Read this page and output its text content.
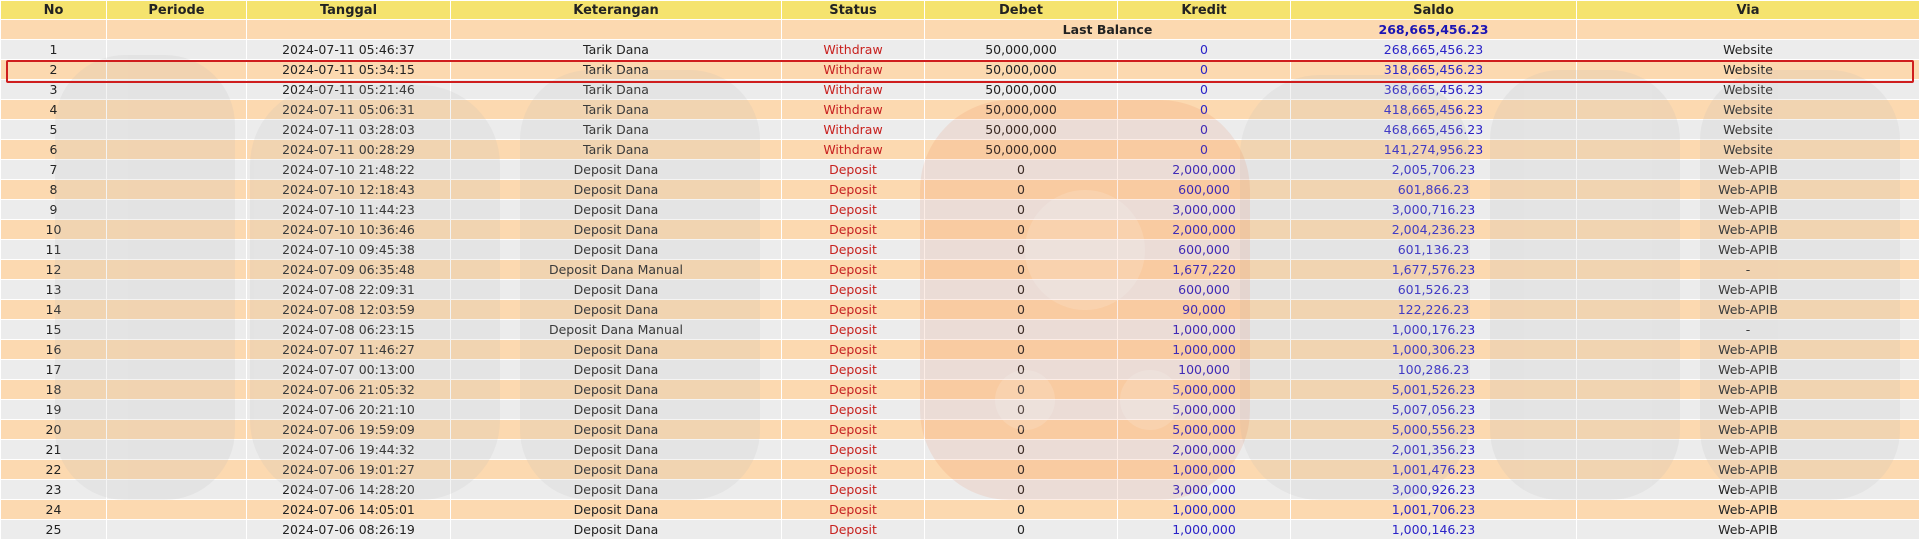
No	Periode	Tanggal	Keterangan	Status	Debet	Kredit	Saldo	Via
					Last Balance		268,665,456.23	
1		2024-07-11 05:46:37	Tarik Dana	Withdraw	50,000,000	0	268,665,456.23	Website
2		2024-07-11 05:34:15	Tarik Dana	Withdraw	50,000,000	0	318,665,456.23	Website
3		2024-07-11 05:21:46	Tarik Dana	Withdraw	50,000,000	0	368,665,456.23	Website
4		2024-07-11 05:06:31	Tarik Dana	Withdraw	50,000,000	0	418,665,456.23	Website
5		2024-07-11 03:28:03	Tarik Dana	Withdraw	50,000,000	0	468,665,456.23	Website
6		2024-07-11 00:28:29	Tarik Dana	Withdraw	50,000,000	0	141,274,956.23	Website
7		2024-07-10 21:48:22	Deposit Dana	Deposit	0	2,000,000	2,005,706.23	Web-APIB
8		2024-07-10 12:18:43	Deposit Dana	Deposit	0	600,000	601,866.23	Web-APIB
9		2024-07-10 11:44:23	Deposit Dana	Deposit	0	3,000,000	3,000,716.23	Web-APIB
10		2024-07-10 10:36:46	Deposit Dana	Deposit	0	2,000,000	2,004,236.23	Web-APIB
11		2024-07-10 09:45:38	Deposit Dana	Deposit	0	600,000	601,136.23	Web-APIB
12		2024-07-09 06:35:48	Deposit Dana Manual	Deposit	0	1,677,220	1,677,576.23	-
13		2024-07-08 22:09:31	Deposit Dana	Deposit	0	600,000	601,526.23	Web-APIB
14		2024-07-08 12:03:59	Deposit Dana	Deposit	0	90,000	122,226.23	Web-APIB
15		2024-07-08 06:23:15	Deposit Dana Manual	Deposit	0	1,000,000	1,000,176.23	-
16		2024-07-07 11:46:27	Deposit Dana	Deposit	0	1,000,000	1,000,306.23	Web-APIB
17		2024-07-07 00:13:00	Deposit Dana	Deposit	0	100,000	100,286.23	Web-APIB
18		2024-07-06 21:05:32	Deposit Dana	Deposit	0	5,000,000	5,001,526.23	Web-APIB
19		2024-07-06 20:21:10	Deposit Dana	Deposit	0	5,000,000	5,007,056.23	Web-APIB
20		2024-07-06 19:59:09	Deposit Dana	Deposit	0	5,000,000	5,000,556.23	Web-APIB
21		2024-07-06 19:44:32	Deposit Dana	Deposit	0	2,000,000	2,001,356.23	Web-APIB
22		2024-07-06 19:01:27	Deposit Dana	Deposit	0	1,000,000	1,001,476.23	Web-APIB
23		2024-07-06 14:28:20	Deposit Dana	Deposit	0	3,000,000	3,000,926.23	Web-APIB
24		2024-07-06 14:05:01	Deposit Dana	Deposit	0	1,000,000	1,001,706.23	Web-APIB
25		2024-07-06 08:26:19	Deposit Dana	Deposit	0	1,000,000	1,000,146.23	Web-APIB
